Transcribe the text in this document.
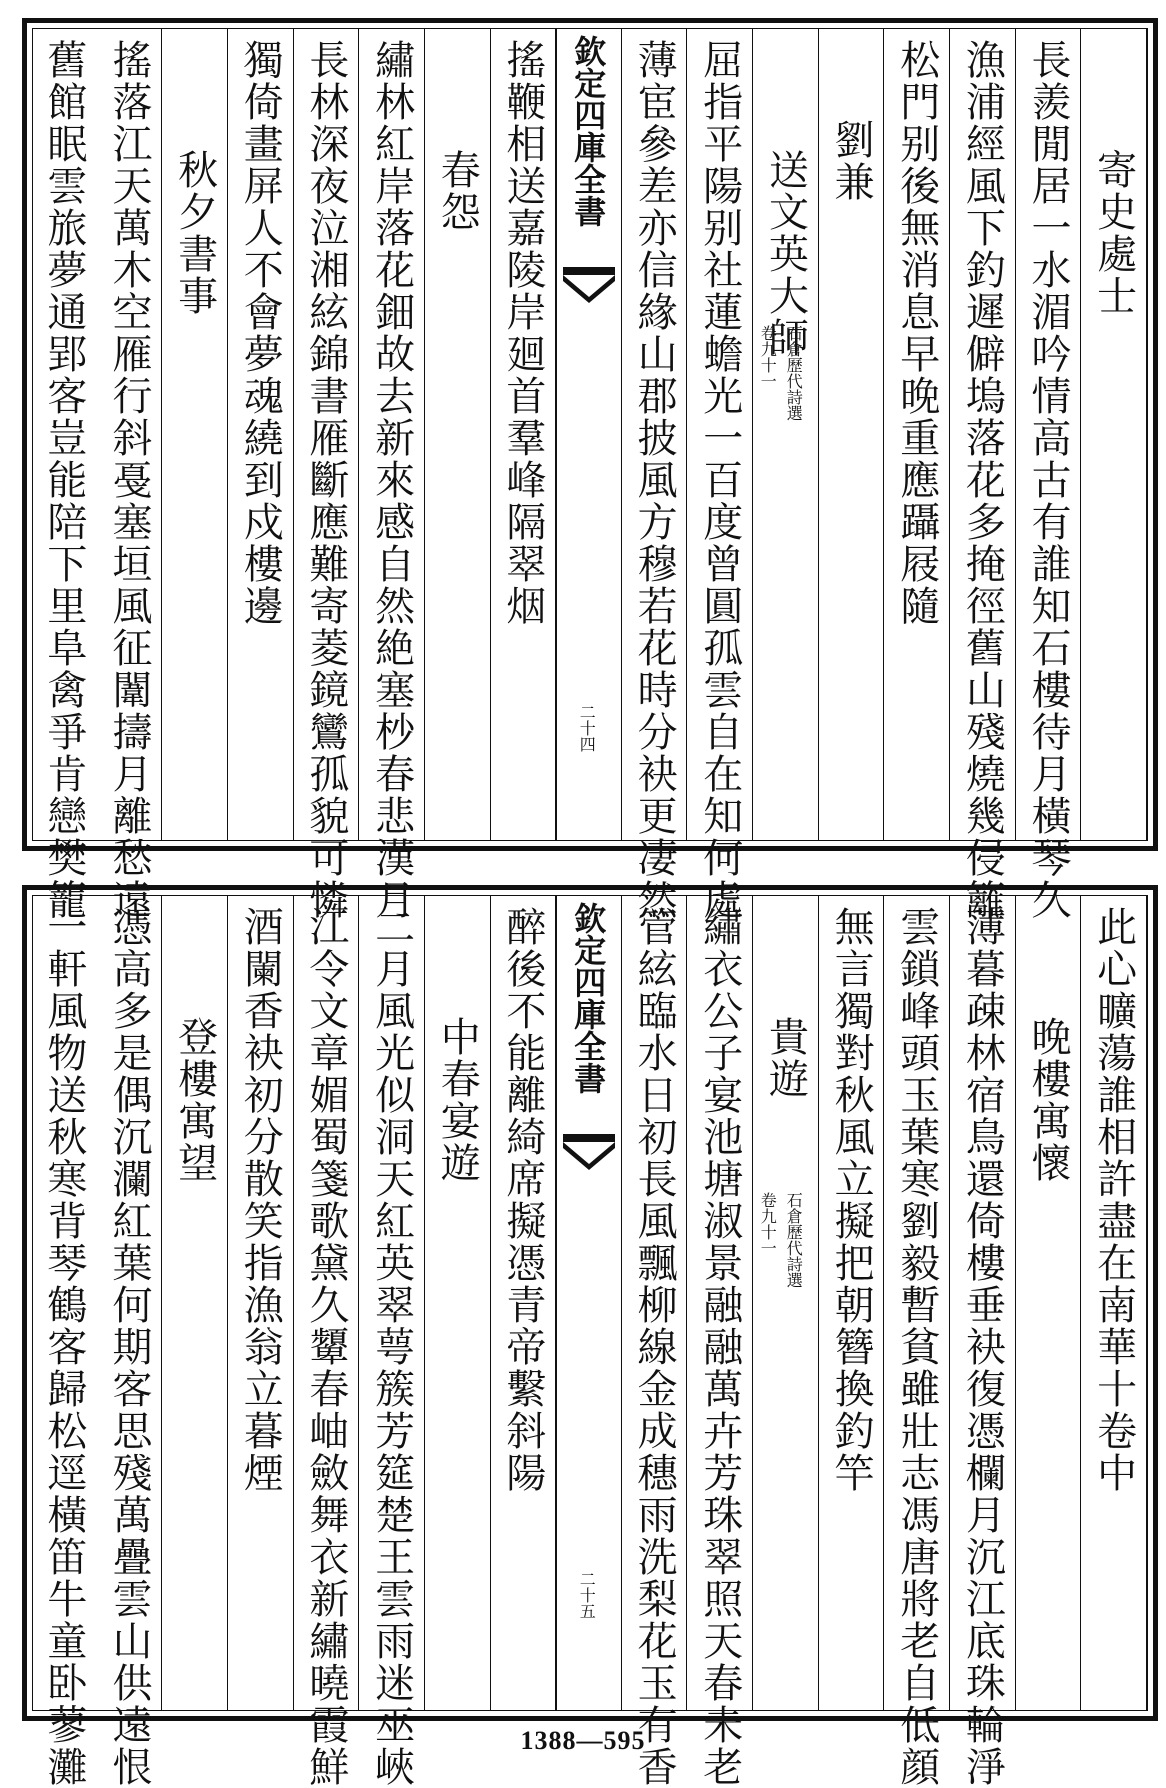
寄史處士
長羨閒居一水湄吟情高古有誰知石樓待月橫琴久
漁浦經風下釣遲僻塢落花多掩徑舊山殘燒幾侵籬
松門别後無消息早晚重應躡屐隨
劉兼
送文英大師
屈指平陽别社蓮蟾光一百度曾圓孤雲自在知何處
薄宦參差亦信緣山郡披風方穆若花時分袂更凄然
欽定四庫全書
石倉歷代詩選
卷九十一
二十四
搖鞭相送嘉陵岸廻首羣峰隔翠烟
春怨
繡林紅岸落花鈿故去新來感自然絶塞杪春悲漢月
長林深夜泣湘絃錦書雁斷應難寄菱鏡鸞孤貌可憐
獨倚畫屏人不會夢魂繞到戍樓邊
秋夕書事
搖落江天萬木空雁行斜戞塞垣風征闈擣月離愁遠
舊館眠雲旅夢通郢客豈能陪下里阜禽爭肯戀樊籠
此心曠蕩誰相許盡在南華十卷中
晚樓寓懷
薄暮疎林宿鳥還倚樓垂袂復憑欄月沉江底珠輪淨
雲鎖峰頭玉葉寒劉毅暫貧雖壯志馮唐將老自低顔
無言獨對秋風立擬把朝簪換釣竿
貴遊
繡衣公子宴池塘淑景融融萬卉芳珠翠照天春未老
管絃臨水日初長風飄柳線金成穗雨洗梨花玉有香
欽定四庫全書
石倉歷代詩選
卷九十一
二十五
醉後不能離綺席擬憑青帝繫斜陽
中春宴遊
二月風光似洞天紅英翠萼簇芳筵楚王雲雨迷巫峽
江令文章媚蜀箋歌黛久顰春岫斂舞衣新繡曉霞鮮
酒闌香袂初分散笑指漁翁立暮煙
登樓寓望
憑高多是偶沉瀾紅葉何期客思殘萬疊雲山供遠恨
一軒風物送秋寒背琴鶴客歸松逕橫笛牛童卧蓼灘	1388—595
